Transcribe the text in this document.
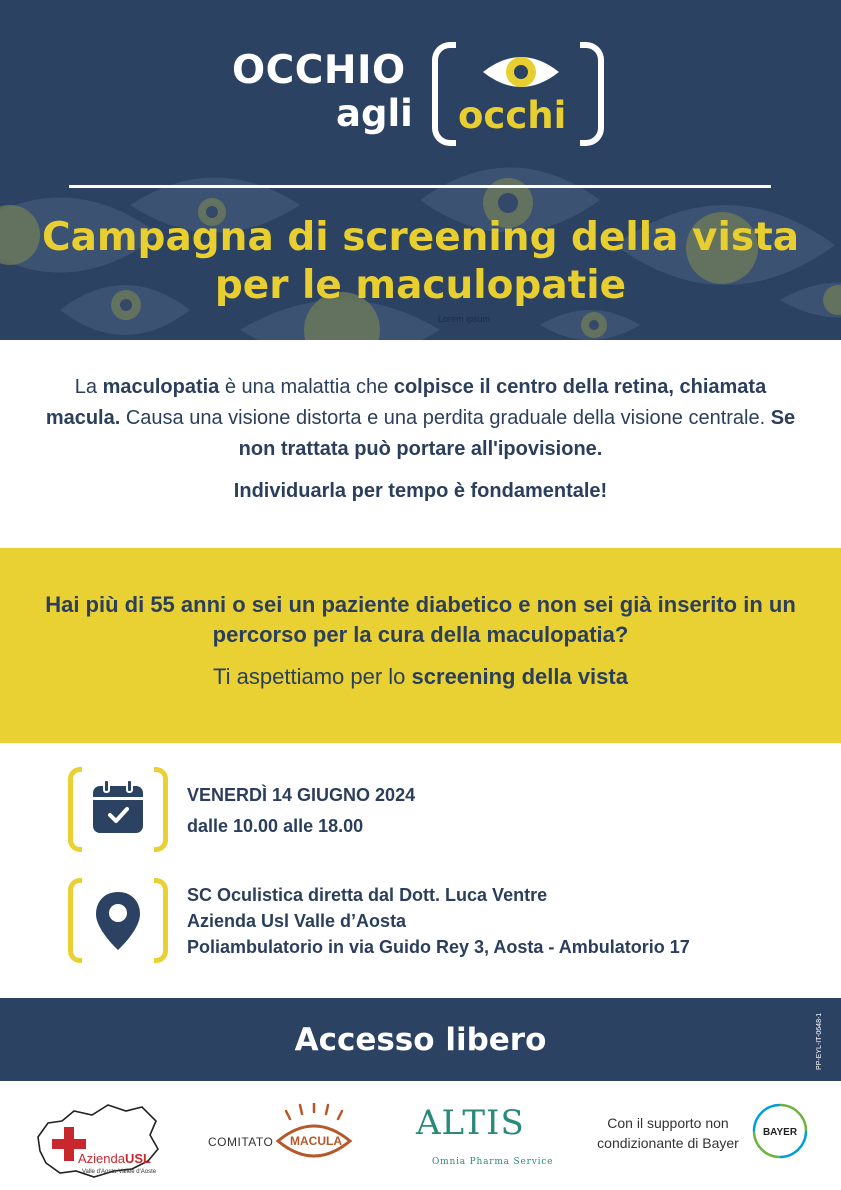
OCCHIO
agli occhi
Campagna di screening della vista per le maculopatie
Lorem ipsum
La maculopatia è una malattia che colpisce il centro della retina, chiamata macula. Causa una visione distorta e una perdita graduale della visione centrale. Se non trattata può portare all'ipovisione.
Individuarla per tempo è fondamentale!
Hai più di 55 anni o sei un paziente diabetico e non sei già inserito in un percorso per la cura della maculopatia?
Ti aspettiamo per lo screening della vista
VENERDÌ 14 GIUGNO 2024
dalle 10.00 alle 18.00
SC Oculistica diretta dal Dott. Luca Ventre
Azienda Usl Valle d’Aosta
Poliambulatorio in via Guido Rey 3, Aosta - Ambulatorio 17
Accesso libero	PP-EYL-IT-0648-1
AziendaUSL
Valle d'Aosta-Vallée d'Aoste
COMITATO MACULA ALTIS
Omnia Pharma Service
Con il supporto non condizionante di Bayer
BAYER
